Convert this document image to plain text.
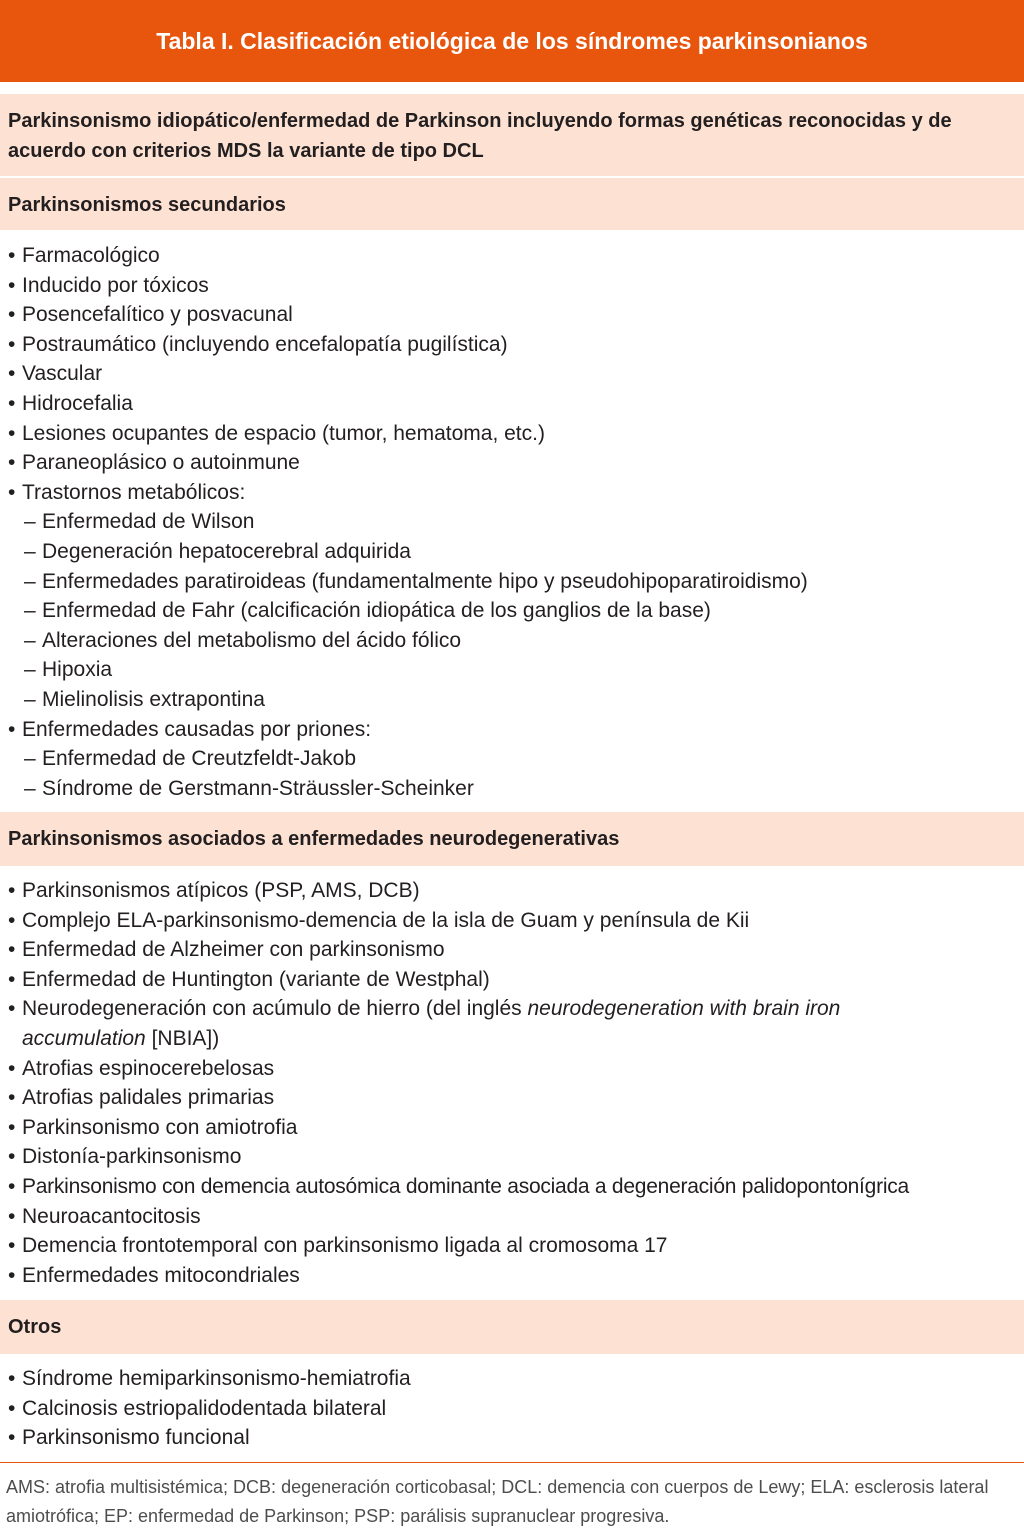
Tabla I. Clasificación etiológica de los síndromes parkinsonianos
Parkinsonismo idiopático/enfermedad de Parkinson incluyendo formas genéticas reconocidas y de acuerdo con criterios MDS la variante de tipo DCL
Parkinsonismos secundarios
• Farmacológico
• Inducido por tóxicos
• Posencefalítico y posvacunal
• Postraumático (incluyendo encefalopatía pugilística)
• Vascular
• Hidrocefalia
• Lesiones ocupantes de espacio (tumor, hematoma, etc.)
• Paraneoplásico o autoinmune
• Trastornos metabólicos:
– Enfermedad de Wilson
– Degeneración hepatocerebral adquirida
– Enfermedades paratiroideas (fundamentalmente hipo y pseudohipoparatiroidismo)
– Enfermedad de Fahr (calcificación idiopática de los ganglios de la base)
– Alteraciones del metabolismo del ácido fólico
– Hipoxia
– Mielinolisis extrapontina
• Enfermedades causadas por priones:
– Enfermedad de Creutzfeldt-Jakob
– Síndrome de Gerstmann-Sträussler-Scheinker
Parkinsonismos asociados a enfermedades neurodegenerativas
• Parkinsonismos atípicos (PSP, AMS, DCB)
• Complejo ELA-parkinsonismo-demencia de la isla de Guam y península de Kii
• Enfermedad de Alzheimer con parkinsonismo
• Enfermedad de Huntington (variante de Westphal)
• Neurodegeneración con acúmulo de hierro (del inglés neurodegeneration with brain iron accumulation [NBIA])
• Atrofias espinocerebelosas
• Atrofias palidales primarias
• Parkinsonismo con amiotrofia
• Distonía-parkinsonismo
• Parkinsonismo con demencia autosómica dominante asociada a degeneración palidopontonígrica
• Neuroacantocitosis
• Demencia frontotemporal con parkinsonismo ligada al cromosoma 17
• Enfermedades mitocondriales
Otros
• Síndrome hemiparkinsonismo-hemiatrofia
• Calcinosis estriopalidodentada bilateral
• Parkinsonismo funcional
AMS: atrofia multisistémica; DCB: degeneración corticobasal; DCL: demencia con cuerpos de Lewy; ELA: esclerosis lateral amiotrófica; EP: enfermedad de Parkinson; PSP: parálisis supranuclear progresiva.
